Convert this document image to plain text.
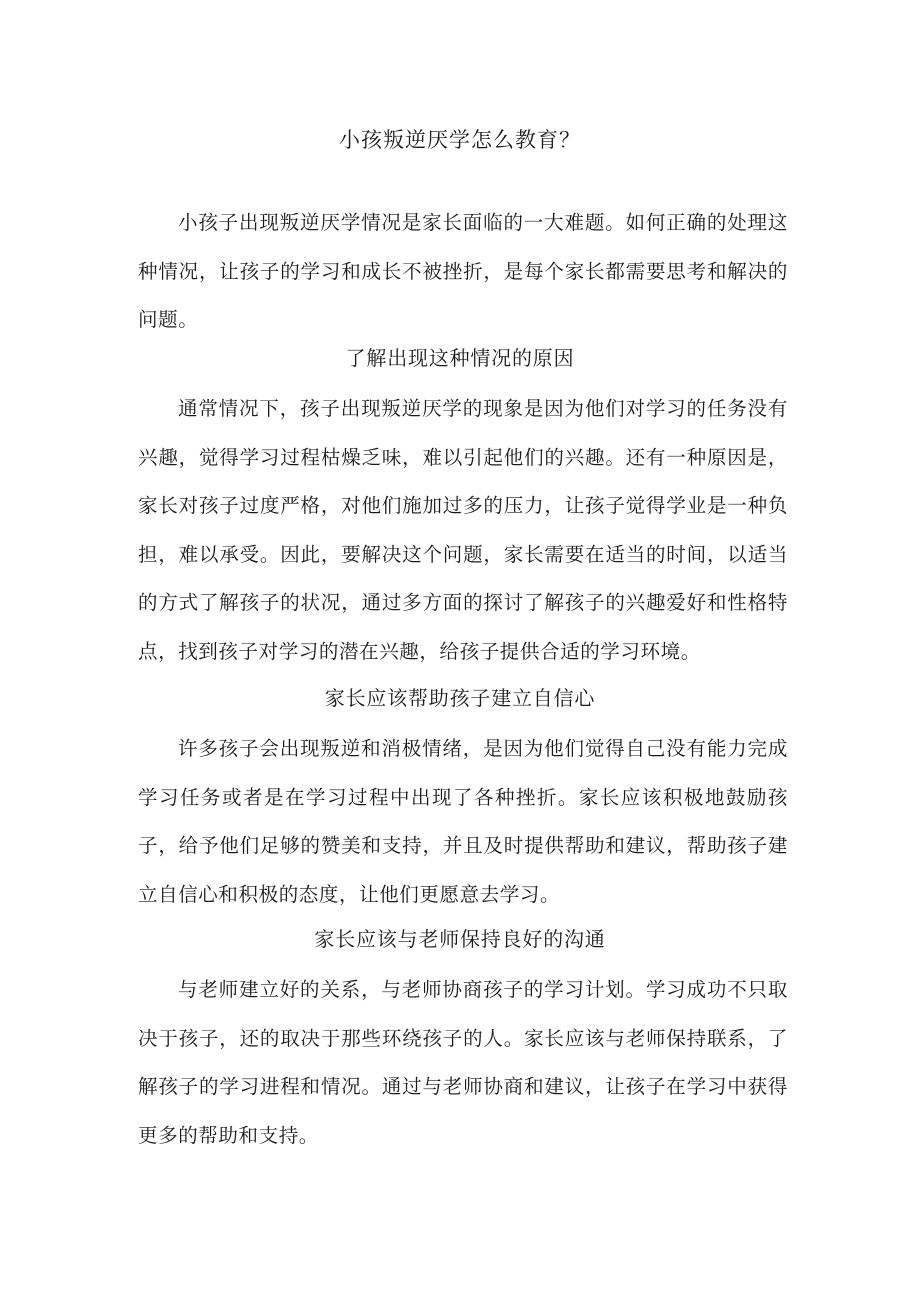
小孩叛逆厌学怎么教育？

小孩子出现叛逆厌学情况是家长面临的一大难题。如何正确的处理这种情况，让孩子的学习和成长不被挫折，是每个家长都需要思考和解决的问题。

了解出现这种情况的原因

通常情况下，孩子出现叛逆厌学的现象是因为他们对学习的任务没有兴趣，觉得学习过程枯燥乏味，难以引起他们的兴趣。还有一种原因是，家长对孩子过度严格，对他们施加过多的压力，让孩子觉得学业是一种负担，难以承受。因此，要解决这个问题，家长需要在适当的时间，以适当的方式了解孩子的状况，通过多方面的探讨了解孩子的兴趣爱好和性格特点，找到孩子对学习的潜在兴趣，给孩子提供合适的学习环境。

家长应该帮助孩子建立自信心

许多孩子会出现叛逆和消极情绪，是因为他们觉得自己没有能力完成学习任务或者是在学习过程中出现了各种挫折。家长应该积极地鼓励孩子，给予他们足够的赞美和支持，并且及时提供帮助和建议，帮助孩子建立自信心和积极的态度，让他们更愿意去学习。

家长应该与老师保持良好的沟通

与老师建立好的关系，与老师协商孩子的学习计划。学习成功不只取决于孩子，还的取决于那些环绕孩子的人。家长应该与老师保持联系，了解孩子的学习进程和情况。通过与老师协商和建议，让孩子在学习中获得更多的帮助和支持。
